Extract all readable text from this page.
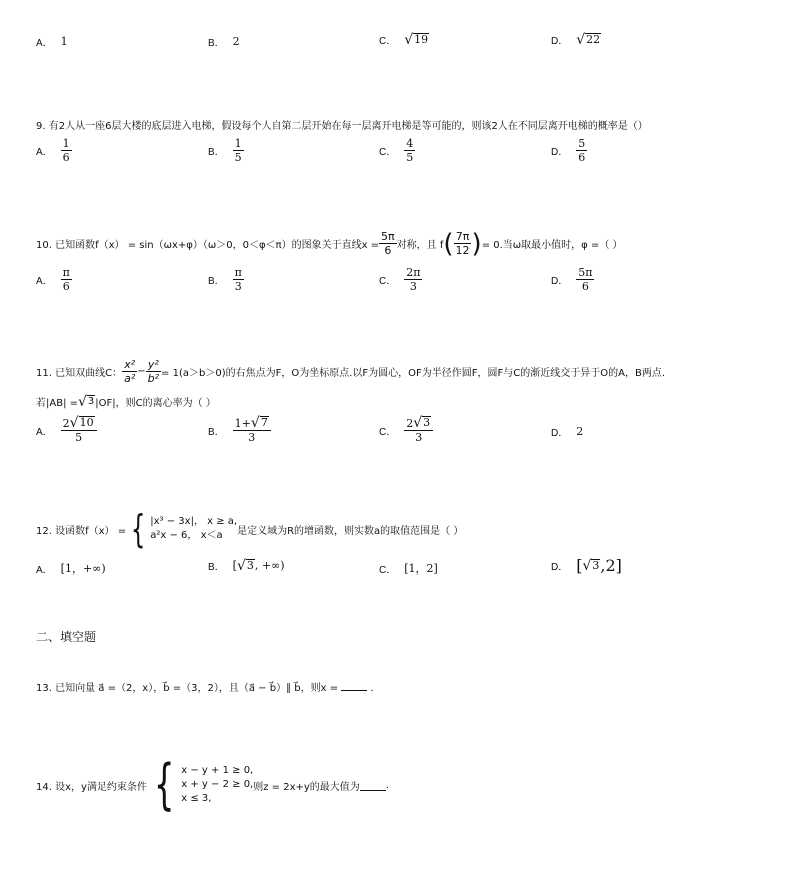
A． 1	B． 2	C． √ 19	D． √ 22
9. 有2人从一座6层大楼的底层进入电梯，假设每个人自第二层开始在每一层离开电梯是等可能的，则该2人在不同层离开电梯的概率是（）
A． $\frac{1}{6}$	B． $\frac{1}{5}$	C． $\frac{4}{5}$	D． $\frac{5}{6}$
10. 已知函数f（x） = sin（ωx+φ）（ω＞0，0＜φ＜π）的图象关于直线$x = \frac{5\pi}{6}$ 对称，且 f ( $\frac{7\pi}{12}$ ) = 0.当ω取最小值时，φ =（ ）
A． $\frac{\pi}{6}$	B． $\frac{\pi}{3}$	C． $\frac{2\pi}{3}$	D． $\frac{5\pi}{6}$
11. 已知双曲线C： $\frac{\text{x²}}{\text{a²}} - \frac{\text{y²}}{\text{b²}} = 1(a>b>0)$ 的右焦点为F，O为坐标原点.以F为圆心，OF为半径作圆F，圆F与C的渐近线交于异于O的A，B两点.
若|AB| = √ 3 |OF|，则C的离心率为（ ）
A． $\frac{2 √ 10}{5}$	B． $\frac{1+ √ 7}{3}$	C． $\frac{2 √ 3}{3}$	D． 2
12. 设函数f（x） = { |x³ − 3x|， x ≥ a,
a²x − 6， x＜a	是定义域为R的增函数，则实数a的取值范围是（ ）
A． [1，+∞)	B． [ √ 3 , +∞)	C． [1，2]	D． [ √ 3 ,2]
二、填空题
13. 已知向量 a⃗ =（2，x），b⃗ =（3，2），且（a⃗ − b⃗）∥ b⃗，则x =	.
14. 设x，y满足约束条件 { x − y + 1 ≥ 0,
x + y − 2 ≥ 0,
x ≤ 3,
则z = 2x+y的最大值为	.
